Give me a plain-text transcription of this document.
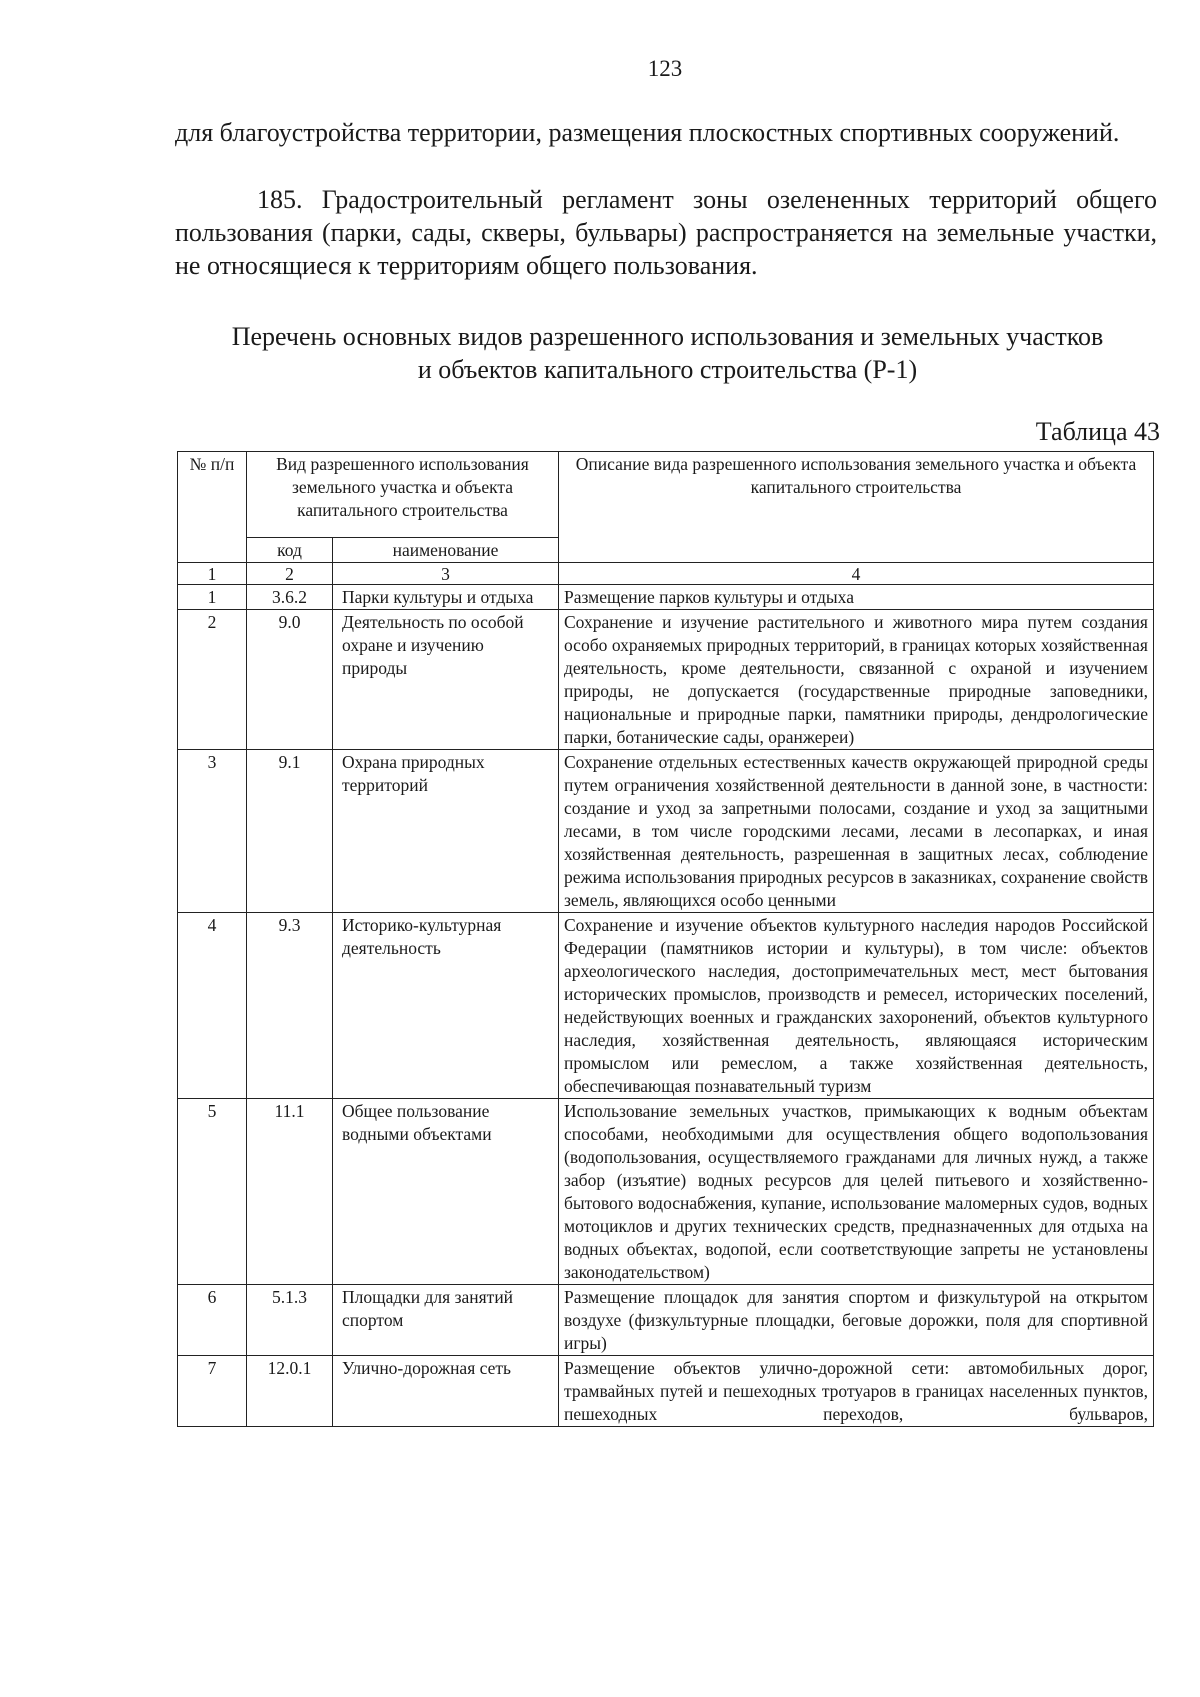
123
для благоустройства территории, размещения плоскостных спортивных сооружений.
185. Градостроительный регламент зоны озелененных территорий общего пользования (парки, сады, скверы, бульвары) распространяется на земельные участки, не относящиеся к территориям общего пользования.
Перечень основных видов разрешенного использования и земельных участков
и объектов капитального строительства (Р-1)
Таблица 43
№ п/п	Вид разрешенного использования земельного участка и объекта капитального строительства		Описание вида разрешенного использования земельного участка и объекта капитального строительства
	код	наименование	
1	2	3	4
1	3.6.2	Парки культуры и отдыха	Размещение парков культуры и отдыха
2	9.0	Деятельность по особой охране и изучению природы	Сохранение и изучение растительного и животного мира путем создания особо охраняемых природных территорий, в границах которых хозяйственная деятельность, кроме деятельности, связанной с охраной и изучением природы, не допускается (государственные природные заповедники, национальные и природные парки, памятники природы, дендрологические парки, ботанические сады, оранжереи)
3	9.1	Охрана природных территорий	Сохранение отдельных естественных качеств окружающей природной среды путем ограничения хозяйственной деятельности в данной зоне, в частности: создание и уход за запретными полосами, создание и уход за защитными лесами, в том числе городскими лесами, лесами в лесопарках, и иная хозяйственная деятельность, разрешенная в защитных лесах, соблюдение режима использования природных ресурсов в заказниках, сохранение свойств земель, являющихся особо ценными
4	9.3	Историко-культурная деятельность	Сохранение и изучение объектов культурного наследия народов Российской Федерации (памятников истории и культуры), в том числе: объектов археологического наследия, достопримечательных мест, мест бытования исторических промыслов, производств и ремесел, исторических поселений, недействующих военных и гражданских захоронений, объектов культурного наследия, хозяйственная деятельность, являющаяся историческим промыслом или ремеслом, а также хозяйственная деятельность, обеспечивающая познавательный туризм
5	11.1	Общее пользование водными объектами	Использование земельных участков, примыкающих к водным объектам способами, необходимыми для осуществления общего водопользования (водопользования, осуществляемого гражданами для личных нужд, а также забор (изъятие) водных ресурсов для целей питьевого и хозяйственно-бытового водоснабжения, купание, использование маломерных судов, водных мотоциклов и других технических средств, предназначенных для отдыха на водных объектах, водопой, если соответствующие запреты не установлены законодательством)
6	5.1.3	Площадки для занятий спортом	Размещение площадок для занятия спортом и физкультурой на открытом воздухе (физкультурные площадки, беговые дорожки, поля для спортивной игры)
7	12.0.1	Улично-дорожная сеть	Размещение объектов улично-дорожной сети: автомобильных дорог, трамвайных путей и пешеходных тротуаров в границах населенных пунктов, пешеходных переходов, бульваров,
